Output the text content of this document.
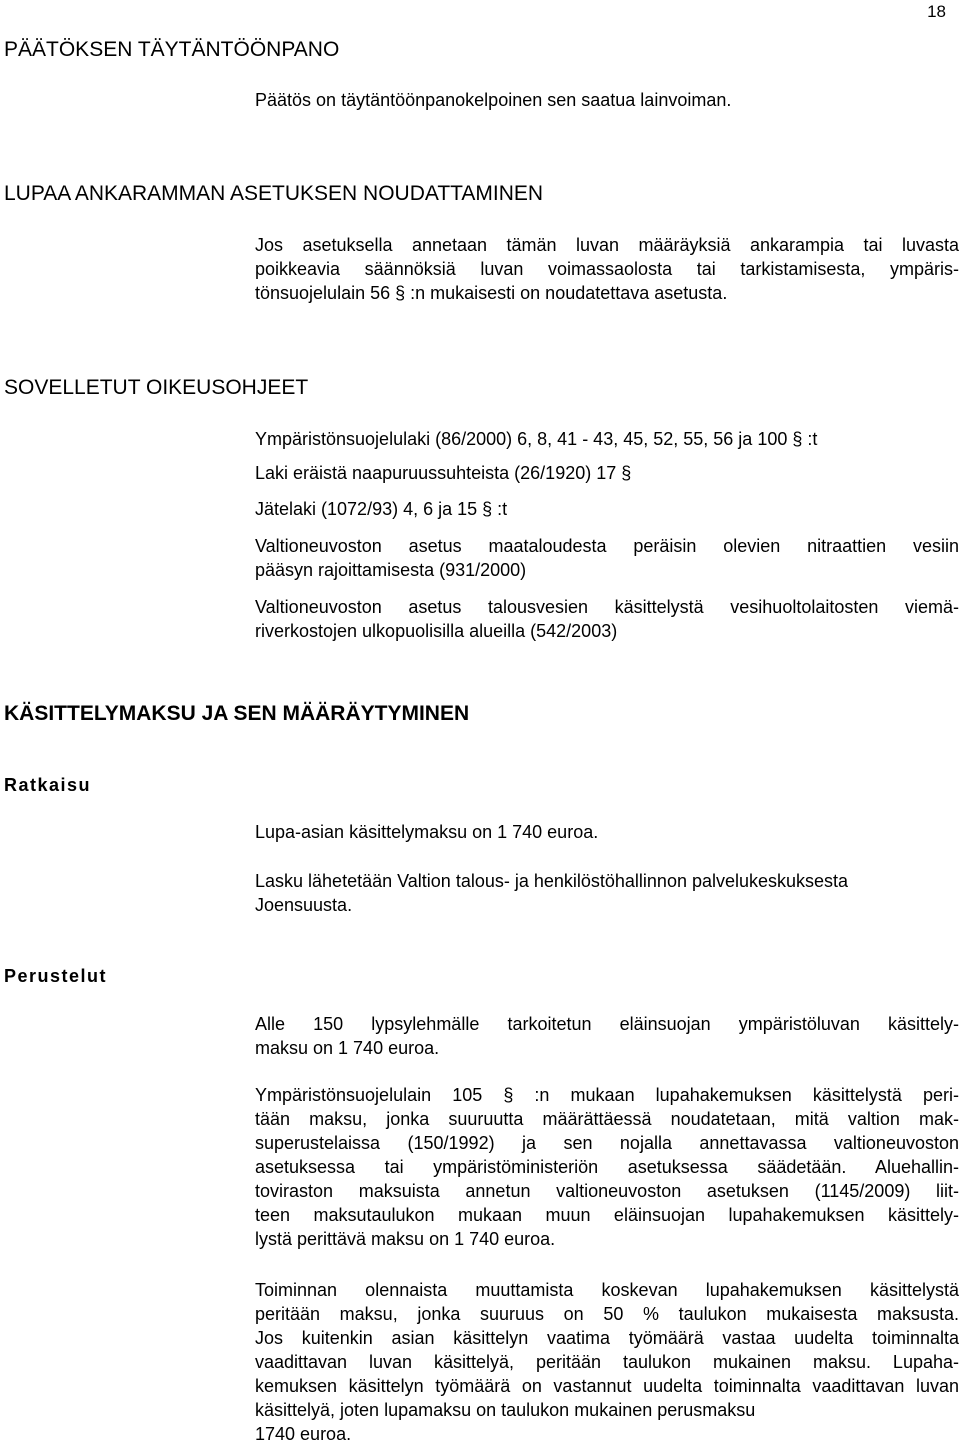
18
PÄÄTÖKSEN TÄYTÄNTÖÖNPANO
Päätös on täytäntöönpanokelpoinen sen saatua lainvoiman.
LUPAA ANKARAMMAN ASETUKSEN NOUDATTAMINEN
Jos asetuksella annetaan tämän luvan määräyksiä ankarampia tai luvasta
poikkeavia säännöksiä luvan voimassaolosta tai tarkistamisesta, ympäris-
tönsuojelulain 56 § :n mukaisesti on noudatettava asetusta.
SOVELLETUT OIKEUSOHJEET
Ympäristönsuojelulaki (86/2000) 6, 8, 41 - 43, 45, 52, 55, 56 ja 100 § :t
Laki eräistä naapuruussuhteista (26/1920) 17 §
Jätelaki (1072/93) 4, 6 ja 15 § :t
Valtioneuvoston asetus maataloudesta peräisin olevien nitraattien vesiin
pääsyn rajoittamisesta (931/2000)
Valtioneuvoston asetus talousvesien käsittelystä vesihuoltolaitosten viemä-
riverkostojen ulkopuolisilla alueilla (542/2003)
KÄSITTELYMAKSU JA SEN MÄÄRÄYTYMINEN
Ratkaisu
Lupa-asian käsittelymaksu on 1 740 euroa.
Lasku lähetetään Valtion talous- ja henkilöstöhallinnon palvelukeskuksesta
Joensuusta.
Perustelut
Alle 150 lypsylehmälle tarkoitetun eläinsuojan ympäristöluvan käsittely-
maksu on 1 740 euroa.
Ympäristönsuojelulain 105 § :n mukaan lupahakemuksen käsittelystä peri-
tään maksu, jonka suuruutta määrättäessä noudatetaan, mitä valtion mak-
superustelaissa (150/1992) ja sen nojalla annettavassa valtioneuvoston
asetuksessa tai ympäristöministeriön asetuksessa säädetään. Aluehallin-
toviraston maksuista annetun valtioneuvoston asetuksen (1145/2009) liit-
teen maksutaulukon mukaan muun eläinsuojan lupahakemuksen käsittely-
lystä perittävä maksu on 1 740 euroa.
Toiminnan olennaista muuttamista koskevan lupahakemuksen käsittelystä
peritään maksu, jonka suuruus on 50 % taulukon mukaisesta maksusta.
Jos kuitenkin asian käsittelyn vaatima työmäärä vastaa uudelta toiminnalta
vaadittavan luvan käsittelyä, peritään taulukon mukainen maksu. Lupaha-
kemuksen käsittelyn työmäärä on vastannut uudelta toiminnalta vaadittavan luvan käsittelyä, joten lupamaksu on taulukon mukainen perusmaksu
1740 euroa.
